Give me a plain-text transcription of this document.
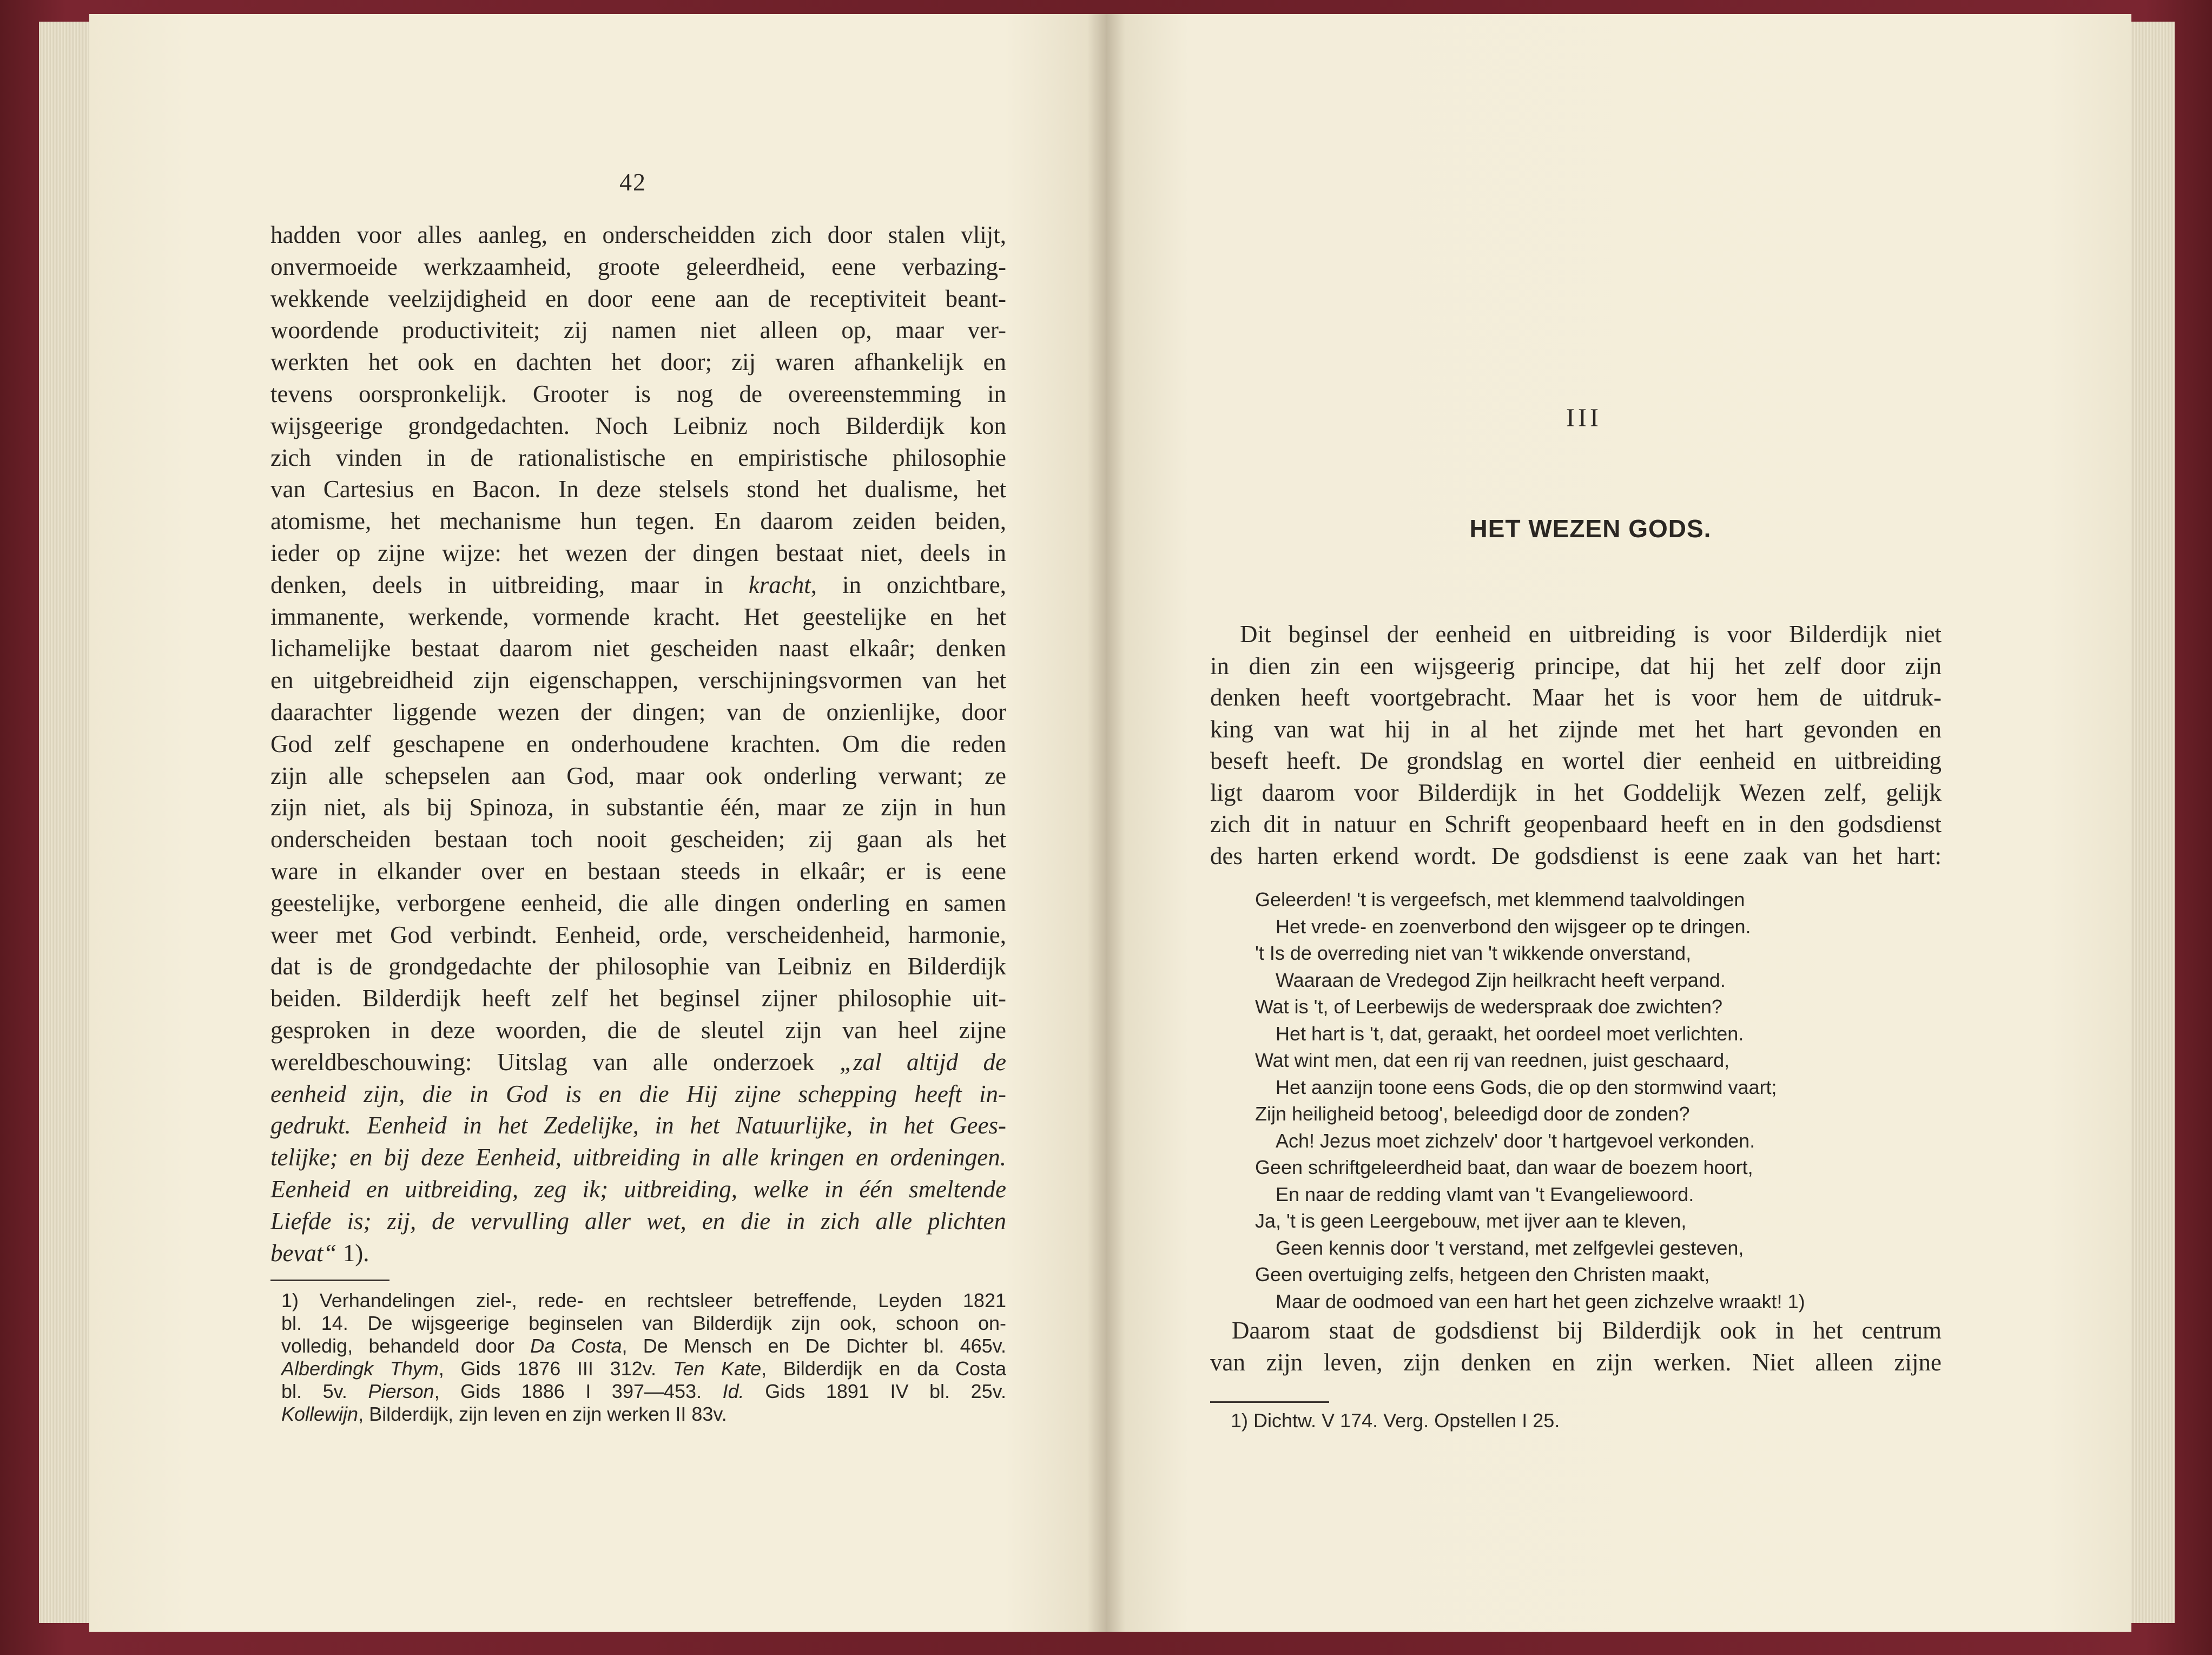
42
hadden voor alles aanleg, en onderscheidden zich door stalen vlijt,
onvermoeide werkzaamheid, groote geleerdheid, eene verbazing-
wekkende veelzijdigheid en door eene aan de receptiviteit beant-
woordende productiviteit; zij namen niet alleen op, maar ver-
werkten het ook en dachten het door; zij waren afhankelijk en
tevens oorspronkelijk. Grooter is nog de overeenstemming in
wijsgeerige grondgedachten. Noch Leibniz noch Bilderdijk kon
zich vinden in de rationalistische en empiristische philosophie
van Cartesius en Bacon. In deze stelsels stond het dualisme, het
atomisme, het mechanisme hun tegen. En daarom zeiden beiden,
ieder op zijne wijze: het wezen der dingen bestaat niet, deels in
denken, deels in uitbreiding, maar in kracht, in onzichtbare,
immanente, werkende, vormende kracht. Het geestelijke en het
lichamelijke bestaat daarom niet gescheiden naast elkaâr; denken
en uitgebreidheid zijn eigenschappen, verschijningsvormen van het
daarachter liggende wezen der dingen; van de onzienlijke, door
God zelf geschapene en onderhoudene krachten. Om die reden
zijn alle schepselen aan God, maar ook onderling verwant; ze
zijn niet, als bij Spinoza, in substantie één, maar ze zijn in hun
onderscheiden bestaan toch nooit gescheiden; zij gaan als het
ware in elkander over en bestaan steeds in elkaâr; er is eene
geestelijke, verborgene eenheid, die alle dingen onderling en samen
weer met God verbindt. Eenheid, orde, verscheidenheid, harmonie,
dat is de grondgedachte der philosophie van Leibniz en Bilderdijk
beiden. Bilderdijk heeft zelf het beginsel zijner philosophie uit-
gesproken in deze woorden, die de sleutel zijn van heel zijne
wereldbeschouwing: Uitslag van alle onderzoek „zal altijd de
eenheid zijn, die in God is en die Hij zijne schepping heeft in-
gedrukt. Eenheid in het Zedelijke, in het Natuurlijke, in het Gees-
telijke; en bij deze Eenheid, uitbreiding in alle kringen en ordeningen.
Eenheid en uitbreiding, zeg ik; uitbreiding, welke in één smeltende
Liefde is; zij, de vervulling aller wet, en die in zich alle plichten
bevat“ 1).
1) Verhandelingen ziel-, rede- en rechtsleer betreffende, Leyden 1821
bl. 14. De wijsgeerige beginselen van Bilderdijk zijn ook, schoon on-
volledig, behandeld door Da Costa, De Mensch en De Dichter bl. 465v.
Alberdingk Thym, Gids 1876 III 312v. Ten Kate, Bilderdijk en da Costa
bl. 5v. Pierson, Gids 1886 I 397—453. Id. Gids 1891 IV bl. 25v.
Kollewijn, Bilderdijk, zijn leven en zijn werken II 83v.
III
HET WEZEN GODS.
Dit beginsel der eenheid en uitbreiding is voor Bilderdijk niet
in dien zin een wijsgeerig principe, dat hij het zelf door zijn
denken heeft voortgebracht. Maar het is voor hem de uitdruk-
king van wat hij in al het zijnde met het hart gevonden en
beseft heeft. De grondslag en wortel dier eenheid en uitbreiding
ligt daarom voor Bilderdijk in het Goddelijk Wezen zelf, gelijk
zich dit in natuur en Schrift geopenbaard heeft en in den godsdienst
des harten erkend wordt. De godsdienst is eene zaak van het hart:
Geleerden! 't is vergeefsch, met klemmend taalvoldingen
Het vrede- en zoenverbond den wijsgeer op te dringen.
't Is de overreding niet van 't wikkende onverstand,
Waaraan de Vredegod Zijn heilkracht heeft verpand.
Wat is 't, of Leerbewijs de wederspraak doe zwichten?
Het hart is 't, dat, geraakt, het oordeel moet verlichten.
Wat wint men, dat een rij van reednen, juist geschaard,
Het aanzijn toone eens Gods, die op den stormwind vaart;
Zijn heiligheid betoog', beleedigd door de zonden?
Ach! Jezus moet zichzelv' door 't hartgevoel verkonden.
Geen schriftgeleerdheid baat, dan waar de boezem hoort,
En naar de redding vlamt van 't Evangeliewoord.
Ja, 't is geen Leergebouw, met ijver aan te kleven,
Geen kennis door 't verstand, met zelfgevlei gesteven,
Geen overtuiging zelfs, hetgeen den Christen maakt,
Maar de oodmoed van een hart het geen zichzelve wraakt! 1)
Daarom staat de godsdienst bij Bilderdijk ook in het centrum
van zijn leven, zijn denken en zijn werken. Niet alleen zijne
1) Dichtw. V 174. Verg. Opstellen I 25.
